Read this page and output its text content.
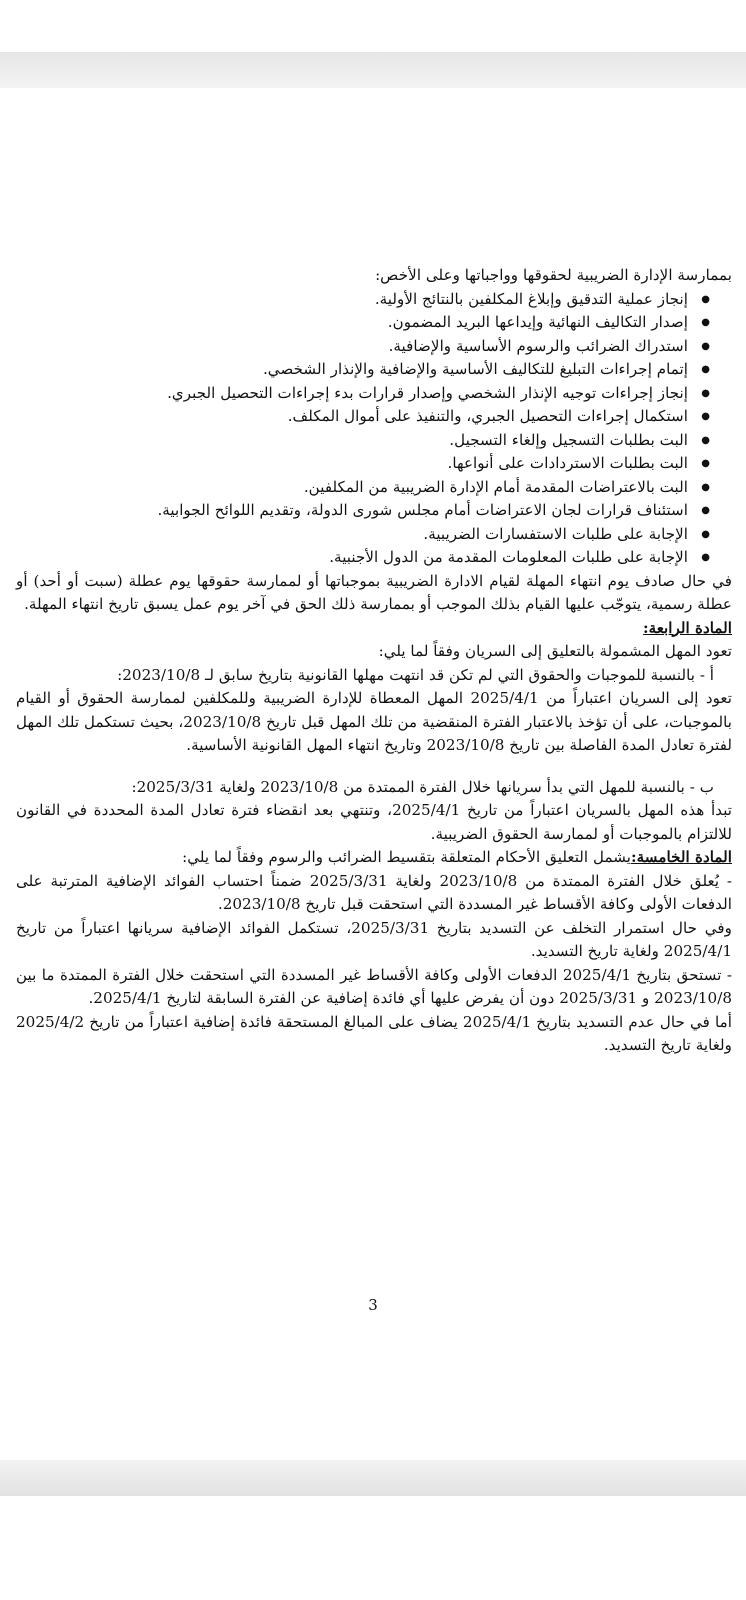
بممارسة الإدارة الضريبية لحقوقها وواجباتها وعلى الأخص:

● إنجاز عملية التدقيق وإبلاغ المكلفين بالنتائج الأولية.
● إصدار التكاليف النهائية وإيداعها البريد المضمون.
● استدراك الضرائب والرسوم الأساسية والإضافية.
● إتمام إجراءات التبليغ للتكاليف الأساسية والإضافية والإنذار الشخصي.
● إنجاز إجراءات توجيه الإنذار الشخصي وإصدار قرارات بدء إجراءات التحصيل الجبري.
● استكمال إجراءات التحصيل الجبري، والتنفيذ على أموال المكلف.
● البت بطلبات التسجيل وإلغاء التسجيل.
● البت بطلبات الاستردادات على أنواعها.
● البت بالاعتراضات المقدمة أمام الإدارة الضريبية من المكلفين.
● استئناف قرارات لجان الاعتراضات أمام مجلس شورى الدولة، وتقديم اللوائح الجوابية.
● الإجابة على طلبات الاستفسارات الضريبية.
● الإجابة على طلبات المعلومات المقدمة من الدول الأجنبية.

في حال صادف يوم انتهاء المهلة لقيام الادارة الضريبية بموجباتها أو لممارسة حقوقها يوم عطلة (سبت أو أحد) أو عطلة رسمية، يتوجّب عليها القيام بذلك الموجب أو بممارسة ذلك الحق في آخر يوم عمل يسبق تاريخ انتهاء المهلة.

المادة الرابعة:

تعود المهل المشمولة بالتعليق إلى السريان وفقاً لما يلي:

أ - بالنسبة للموجبات والحقوق التي لم تكن قد انتهت مهلها القانونية بتاريخ سابق لـ 2023/10/8:

تعود إلى السريان اعتباراً من 2025/4/1 المهل المعطاة للإدارة الضريبية وللمكلفين لممارسة الحقوق أو القيام بالموجبات، على أن تؤخذ بالاعتبار الفترة المنقضية من تلك المهل قبل تاريخ 2023/10/8، بحيث تستكمل تلك المهل لفترة تعادل المدة الفاصلة بين تاريخ 2023/10/8 وتاريخ انتهاء المهل القانونية الأساسية.

ب - بالنسبة للمهل التي بدأ سريانها خلال الفترة الممتدة من 2023/10/8 ولغاية 2025/3/31:

تبدأ هذه المهل بالسريان اعتباراً من تاريخ 2025/4/1، وتنتهي بعد انقضاء فترة تعادل المدة المحددة في القانون للالتزام بالموجبات أو لممارسة الحقوق الضريبية.

المادة الخامسة:يشمل التعليق الأحكام المتعلقة بتقسيط الضرائب والرسوم وفقاً لما يلي:

- يُعلق خلال الفترة الممتدة من 2023/10/8 ولغاية 2025/3/31 ضمناً احتساب الفوائد الإضافية المترتبة على الدفعات الأولى وكافة الأقساط غير المسددة التي استحقت قبل تاريخ 2023/10/8.

وفي حال استمرار التخلف عن التسديد بتاريخ 2025/3/31، تستكمل الفوائد الإضافية سريانها اعتباراً من تاريخ 2025/4/1 ولغاية تاريخ التسديد.

- تستحق بتاريخ 2025/4/1 الدفعات الأولى وكافة الأقساط غير المسددة التي استحقت خلال الفترة الممتدة ما بين 2023/10/8 و 2025/3/31 دون أن يفرض عليها أي فائدة إضافية عن الفترة السابقة لتاريخ 2025/4/1.

أما في حال عدم التسديد بتاريخ 2025/4/1 يضاف على المبالغ المستحقة فائدة إضافية اعتباراً من تاريخ 2025/4/2 ولغاية تاريخ التسديد.

3
